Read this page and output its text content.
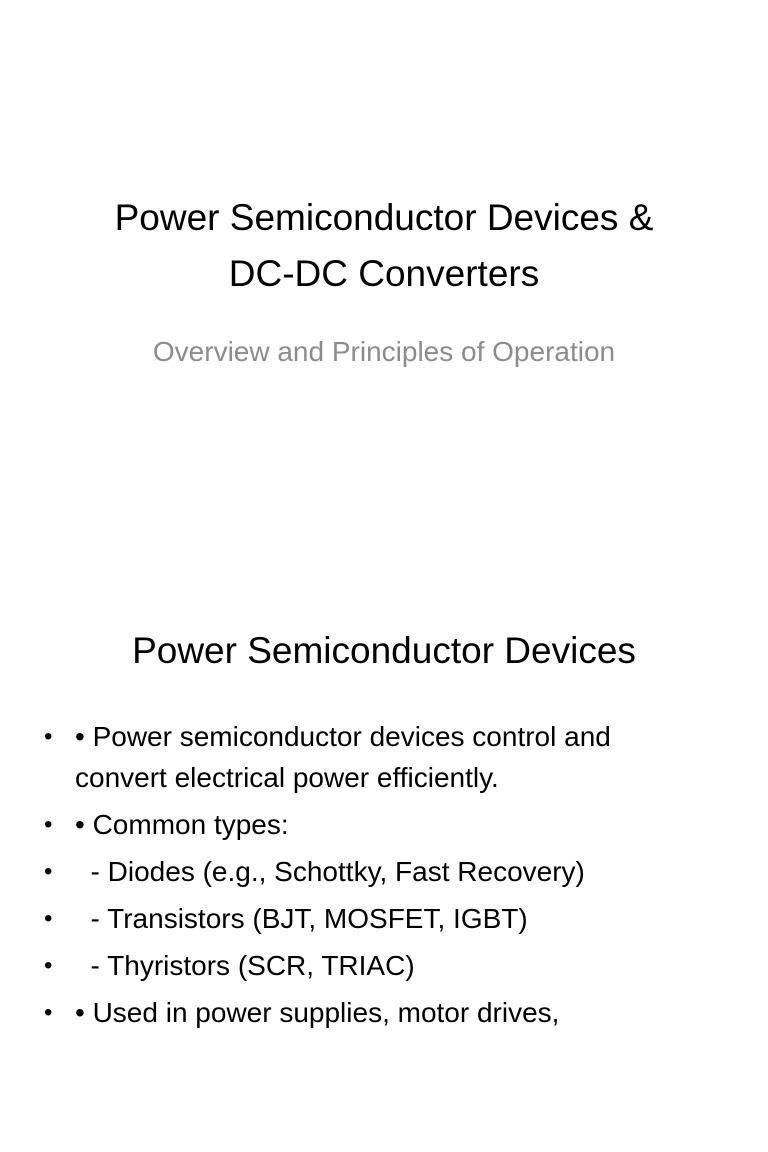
Power Semiconductor Devices &
DC-DC Converters

Overview and Principles of Operation

Power Semiconductor Devices
• • Power semiconductor devices control and convert electrical power efficiently.
• • Common types:
• - Diodes (e.g., Schottky, Fast Recovery)
• - Transistors (BJT, MOSFET, IGBT)
• - Thyristors (SCR, TRIAC)
• • Used in power supplies, motor drives,
